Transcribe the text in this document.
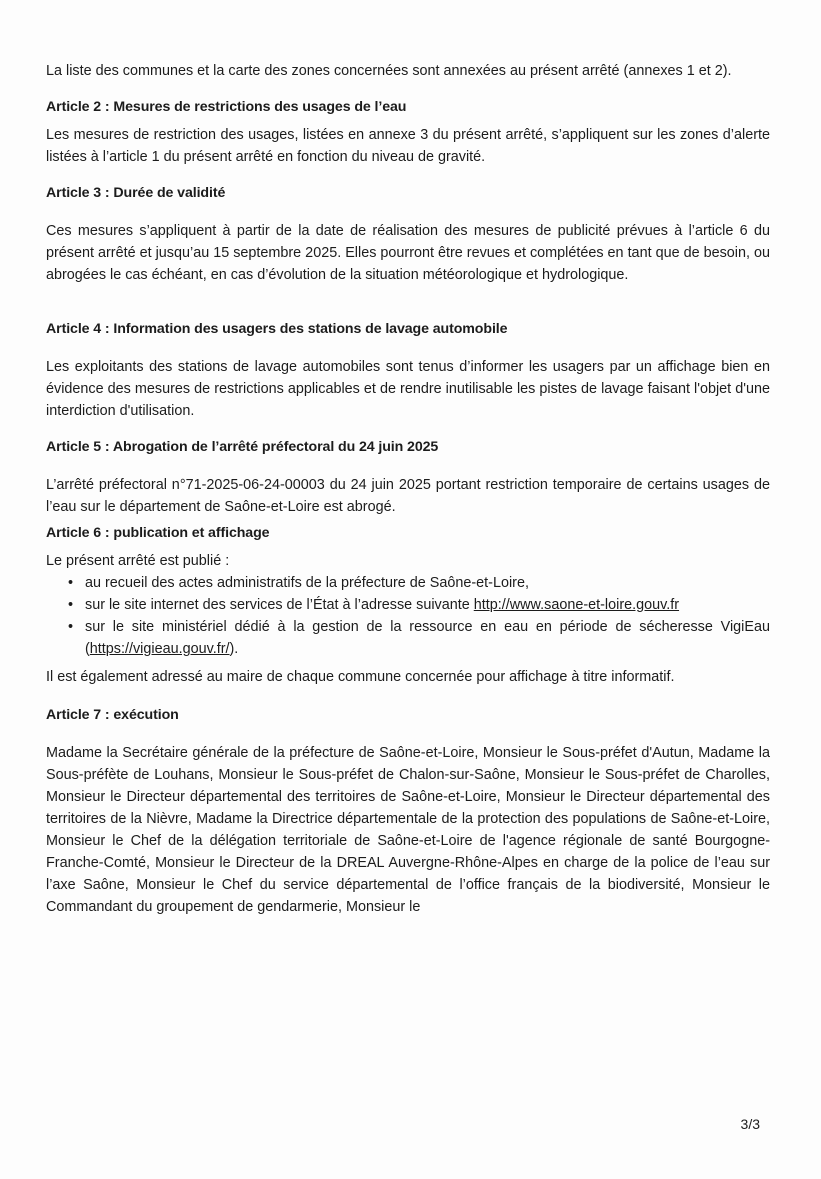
La liste des communes et la carte des zones concernées sont annexées au présent arrêté (annexes 1 et 2).

Article 2 : Mesures de restrictions des usages de l’eau

Les mesures de restriction des usages, listées en annexe 3 du présent arrêté, s’appliquent sur les zones d’alerte listées à l’article 1 du présent arrêté en fonction du niveau de gravité.

Article 3 : Durée de validité

Ces mesures s’appliquent à partir de la date de réalisation des mesures de publicité prévues à l’article 6 du présent arrêté et jusqu’au 15 septembre 2025. Elles pourront être revues et complétées en tant que de besoin, ou abrogées le cas échéant, en cas d’évolution de la situation météorologique et hydrologique.

Article 4 : Information des usagers des stations de lavage automobile

Les exploitants des stations de lavage automobiles sont tenus d’informer les usagers par un affichage bien en évidence des mesures de restrictions applicables et de rendre inutilisable les pistes de lavage faisant l'objet d'une interdiction d'utilisation.

Article 5 : Abrogation de l’arrêté préfectoral du 24 juin 2025

L’arrêté préfectoral n°71-2025-06-24-00003 du 24 juin 2025 portant restriction temporaire de certains usages de l’eau sur le département de Saône-et-Loire est abrogé.

Article 6 : publication et affichage

Le présent arrêté est publié :

• au recueil des actes administratifs de la préfecture de Saône-et-Loire,
• sur le site internet des services de l’État à l’adresse suivante http://www.saone-et-loire.gouv.fr
• sur le site ministériel dédié à la gestion de la ressource en eau en période de sécheresse VigiEau (https://vigieau.gouv.fr/).

Il est également adressé au maire de chaque commune concernée pour affichage à titre informatif.

Article 7 : exécution

Madame la Secrétaire générale de la préfecture de Saône-et-Loire, Monsieur le Sous-préfet d'Autun, Madame la Sous-préfète de Louhans, Monsieur le Sous-préfet de Chalon-sur-Saône, Monsieur le Sous-préfet de Charolles, Monsieur le Directeur départemental des territoires de Saône-et-Loire, Monsieur le Directeur départemental des territoires de la Nièvre, Madame la Directrice départementale de la protection des populations de Saône-et-Loire, Monsieur le Chef de la délégation territoriale de Saône-et-Loire de l'agence régionale de santé Bourgogne-Franche-Comté, Monsieur le Directeur de la DREAL Auvergne-Rhône-Alpes en charge de la police de l’eau sur l’axe Saône, Monsieur le Chef du service départemental de l’office français de la biodiversité, Monsieur le Commandant du groupement de gendarmerie, Monsieur le

3/3
